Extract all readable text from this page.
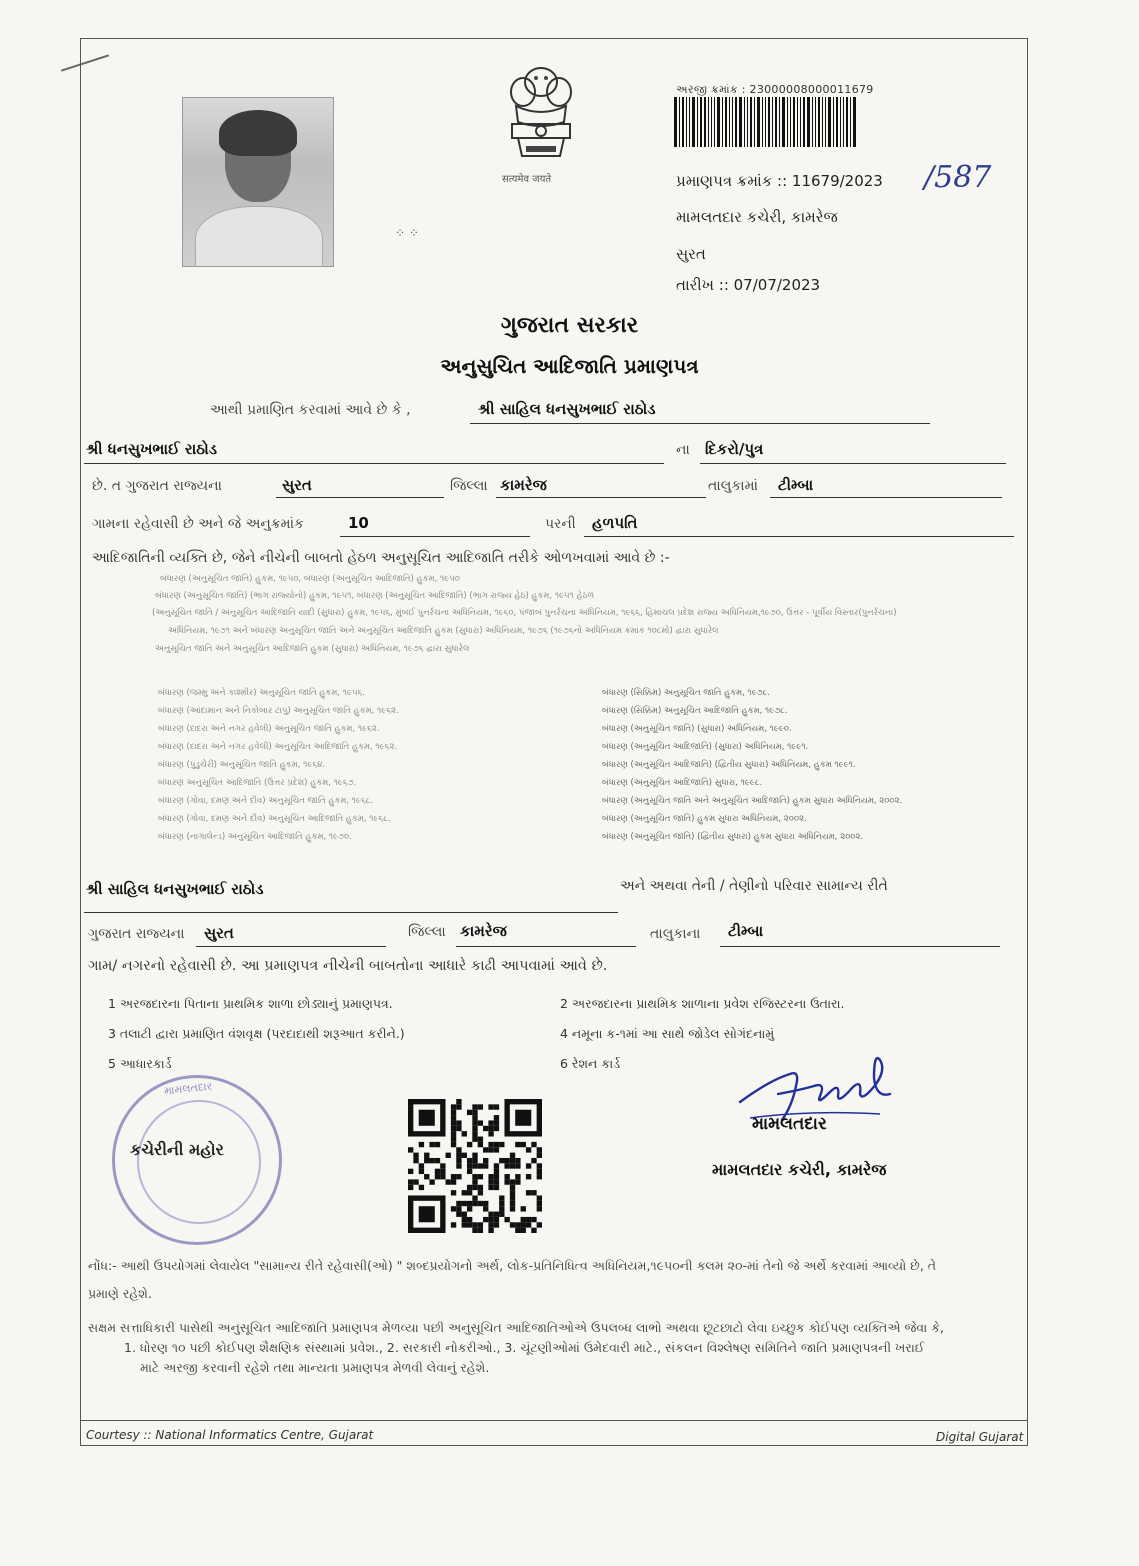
सत्यमेव जयते
⁘ ⁘
અરજી ક્રમાંક : 23000008000011679
પ્રમાણપત્ર ક્રમાંક :: 11679/2023 /587
મામલતદાર કચેરી, કામરેજ
સુરત
તારીખ :: 07/07/2023
ગુજરાત સરકાર
અનુસુચિત આદિજાતિ પ્રમાણપત્ર
આથી પ્રમાણિત કરવામાં આવે છે કે ,	શ્રી સાહિલ ધનસુખભાઈ રાઠોડ
શ્રી ધનસુખભાઈ રાઠોડ	ના દિકરો/પુત્ર
છે. ત ગુજરાત રાજ્યના	સુરત	જિલ્લા કામરેજ	તાલુકામાં ટીમ્બા
ગામના રહેવાસી છે અને જે અનુક્રમાંક	10	પરની હળપતિ
આદિજાતિની વ્યક્તિ છે, જેને નીચેની બાબતો હેઠળ અનુસૂચિત આદિજાતિ તરીકે ઓળખવામાં આવે છે :-
બંધારણ (અનુસૂચિત જાતિ) હુકમ, ૧૯૫૦, બંધારણ (અનુસૂચિત આદિજાતિ) હુકમ, ૧૯૫૦
બંધારણ (અનુસૂચિત જાતિ) (ભાગ રાજ્યોનો) હુકમ, ૧૯૫૧, બંધારણ (અનુસૂચિત આદિજાતિ) (ભાગ રાજ્ય હેઠ) હુકમ, ૧૯૫૧ હેઠળ
(અનુસૂચિત જાતિ / અનુસૂચિત આદિજાતિ યાદી (સુધારા) હુકમ, ૧૯૫૬, મુંબઈ પુનર્રચના અધિનિયમ, ૧૯૬૦, પંજાબ પુનર્રચના અધિનિયમ, ૧૯૬૬, હિમાચલ પ્રદેશ રાજ્ય અધિનિયમ,૧૯૭૦, ઉત્તર - પૂર્વીય વિસ્તાર(પુનર્રચના)
અધિનિયમ, ૧૯૭૧ અને બંધારણ અનુસૂચિત જાતિ અને અનુસૂચિત આદિજાતિ હુકમ (સુધારા) અધિનિયમ, ૧૯૭૬ (૧૯૭૬નો અધિનિયમ ક્રમાંક ૧૦૮મો) દ્વારા સુધારેલ
અનુસૂચિત જાતિ અને અનુસૂચિત આદિજાતિ હુકમ (સુધારા) અધિનિયમ, ૧૯૭૬ દ્વારા સુધારેલ
બંધારણ (જમ્મુ અને કાશ્મીર) અનુસૂચિત જાતિ હુકમ, ૧૯૫૬.
બંધારણ (આંદામાન અને નિકોબાર ટાપુ) અનુસૂચિત જાતિ હુકમ, ૧૯૬૨.
બંધારણ (દાદરા અને નગર હવેલી) અનુસૂચિત જાતિ હુકમ, ૧૯૬૨.
બંધારણ (દાદરા અને નગર હવેલી) અનુસૂચિત આદિજાતિ હુકમ, ૧૯૬૨.
બંધારણ (પુડુચેરી) અનુસૂચિત જાતિ હુકમ, ૧૯૬૪.
બંધારણ અનુસૂચિત આદિજાતિ (ઉત્તર પ્રદેશ) હુકમ, ૧૯૬૭.
બંધારણ (ગોવા, દમણ અને દીવ) અનુસૂચિત જાતિ હુકમ, ૧૯૬૮.
બંધારણ (ગોવા, દમણ અને દીવ) અનુસૂચિત આદિજાતિ હુકમ, ૧૯૬૮.
બંધારણ (નાગાલેન્ડ) અનુસૂચિત આદિજાતિ હુકમ, ૧૯૭૦.
બંધારણ (સિક્કિમ) અનુસૂચિત જાતિ હુકમ, ૧૯૭૮.
બંધારણ (સિક્કિમ) અનુસૂચિત આદિજાતિ હુકમ, ૧૯૭૮.
બંધારણ (અનુસૂચિત જાતિ) (સુધારા) અધિનિયમ, ૧૯૯૦.
બંધારણ (અનુસૂચિત આદિજાતિ) (સુધારા) અધિનિયમ, ૧૯૯૧.
બંધારણ (અનુસૂચિત આદિજાતિ) (દ્વિતીય સુધારા) અધિનિયમ, હુકમ ૧૯૯૧.
બંધારણ (અનુસૂચિત આદિજાતિ) સુધારા, ૧૯૯૮.
બંધારણ (અનુસૂચિત જાતિ અને અનુસૂચિત આદિજાતિ) હુકમ સુધારા અધિનિયમ, ૨૦૦૨.
બંધારણ (અનુસૂચિત જાતિ) હુકમ સુધારા અધિનિયમ, ૨૦૦૨.
બંધારણ (અનુસૂચિત જાતિ) (દ્વિતીય સુધારા) હુકમ સુધારા અધિનિયમ, ૨૦૦૨.
શ્રી સાહિલ ધનસુખભાઈ રાઠોડ	અને અથવા તેની / તેણીનો પરિવાર સામાન્ય રીતે
ગુજરાત રાજ્યના સુરત	જિલ્લા કામરેજ	તાલુકાના ટીમ્બા
ગામ/ નગરનો રહેવાસી છે. આ પ્રમાણપત્ર નીચેની બાબતોના આધારે કાઢી આપવામાં આવે છે.
1 અરજદારના પિતાના પ્રાથમિક શાળા છોડ્યાનું પ્રમાણપત્ર.	2 અરજદારના પ્રાથમિક શાળાના પ્રવેશ રજિસ્ટરના ઉતારા.
3 તલાટી દ્વારા પ્રમાણિત વંશવૃક્ષ (પરદાદાથી શરૂઆત કરીને.)	4 નમૂના ક-૧માં આ સાથે જોડેલ સોગંદનામું
5 આધારકાર્ડ	6 રેશન કાર્ડ
મામલતદાર
કચેરીની મહોર
મામલતદાર
મામલતદાર કચેરી, કામરેજ
નોંધ:- આથી ઉપયોગમાં લેવાયેલ "સામાન્ય રીતે રહેવાસી(ઓ) " શબ્દપ્રયોગનો અર્થ, લોક-પ્રતિનિધિત્વ અધિનિયમ,૧૯૫૦ની કલમ ૨૦-માં તેનો જે અર્થે કરવામાં આવ્યો છે, તે
પ્રમાણે રહેશે.
સક્ષમ સત્તાધિકારી પાસેથી અનુસૂચિત આદિજાતિ પ્રમાણપત્ર મેળવ્યા પછી અનુસૂચિત આદિજાતિઓએ ઉપલબ્ધ લાભો અથવા છૂટછાટો લેવા ઇચ્છુક કોઈપણ વ્યક્તિએ જેવા કે,
1. ધોરણ ૧૦ પછી કોઈપણ શૈક્ષણિક સંસ્થામાં પ્રવેશ., 2. સરકારી નોકરીઓ., 3. ચૂંટણીઓમાં ઉમેદવારી માટે., સંકલન વિશ્લેષણ સમિતિને જાતિ પ્રમાણપત્રની ખરાઈ
માટે અરજી કરવાની રહેશે તથા માન્યતા પ્રમાણપત્ર મેળવી લેવાનું રહેશે.
Courtesy :: National Informatics Centre, Gujarat	Digital Gujarat
